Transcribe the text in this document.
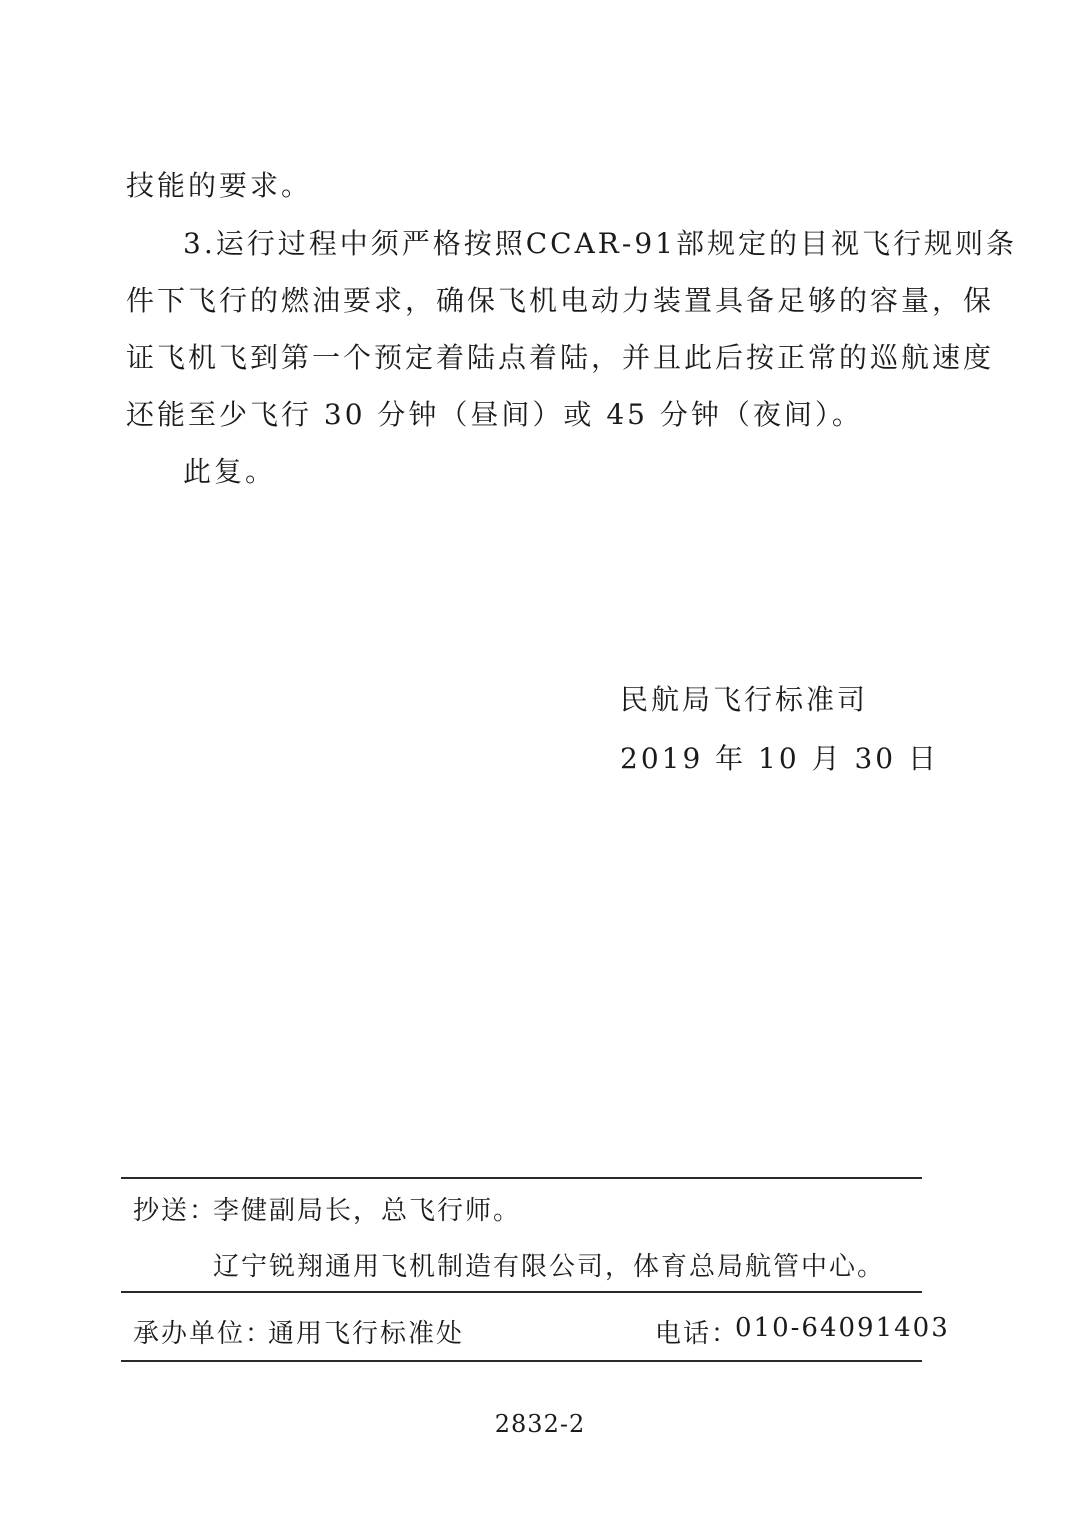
技能的要求。

3.运行过程中须严格按照CCAR-91部规定的目视飞行规则条

件下飞行的燃油要求，确保飞机电动力装置具备足够的容量，保

证飞机飞到第一个预定着陆点着陆，并且此后按正常的巡航速度

还能至少飞行 30 分钟（昼间）或 45 分钟（夜间）。

此复。

民航局飞行标准司
2019 年 10 月 30 日
抄送：
李健副局长，总飞行师。
辽宁锐翔通用飞机制造有限公司，体育总局航管中心。
承办单位：
通用飞行标准处	电话：
010-64091403
2832-2
